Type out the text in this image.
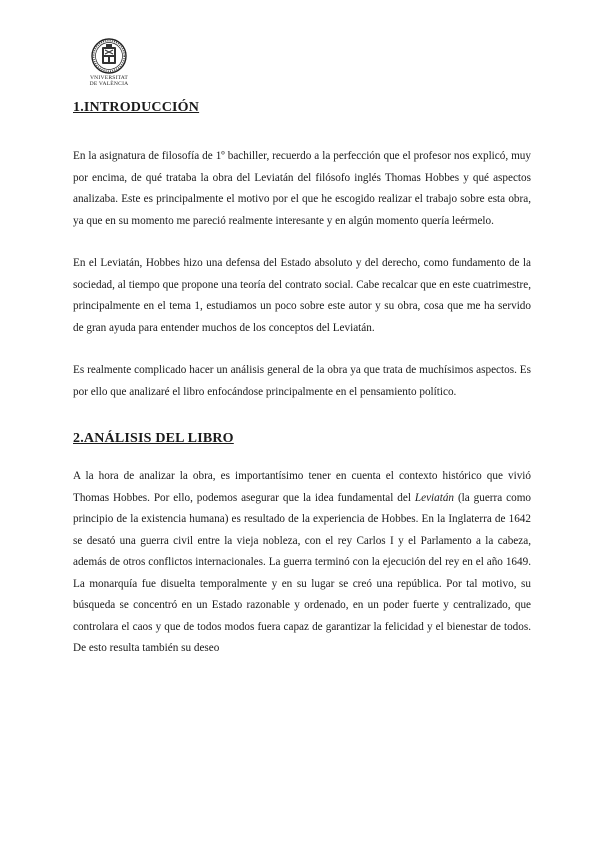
VNIVERSITAT
DE VALÈNCIA
1.INTRODUCCIÓN

En la asignatura de filosofía de 1º bachiller, recuerdo a la perfección que el profesor nos explicó, muy por encima, de qué trataba la obra del Leviatán del filósofo inglés Thomas Hobbes y qué aspectos analizaba. Este es principalmente el motivo por el que he escogido realizar el trabajo sobre esta obra, ya que en su momento me pareció realmente interesante y en algún momento quería leérmelo.

En el Leviatán, Hobbes hizo una defensa del Estado absoluto y del derecho, como fundamento de la sociedad, al tiempo que propone una teoría del contrato social. Cabe recalcar que en este cuatrimestre, principalmente en el tema 1, estudiamos un poco sobre este autor y su obra, cosa que me ha servido de gran ayuda para entender muchos de los conceptos del Leviatán.

Es realmente complicado hacer un análisis general de la obra ya que trata de muchísimos aspectos. Es por ello que analizaré el libro enfocándose principalmente en el pensamiento político.

2.ANÁLISIS DEL LIBRO

A la hora de analizar la obra, es importantísimo tener en cuenta el contexto histórico que vivió Thomas Hobbes. Por ello, podemos asegurar que la idea fundamental del Leviatán (la guerra como principio de la existencia humana) es resultado de la experiencia de Hobbes. En la Inglaterra de 1642 se desató una guerra civil entre la vieja nobleza, con el rey Carlos I y el Parlamento a la cabeza, además de otros conflictos internacionales. La guerra terminó con la ejecución del rey en el año 1649. La monarquía fue disuelta temporalmente y en su lugar se creó una república. Por tal motivo, su búsqueda se concentró en un Estado razonable y ordenado, en un poder fuerte y centralizado, que controlara el caos y que de todos modos fuera capaz de garantizar la felicidad y el bienestar de todos. De esto resulta también su deseo
